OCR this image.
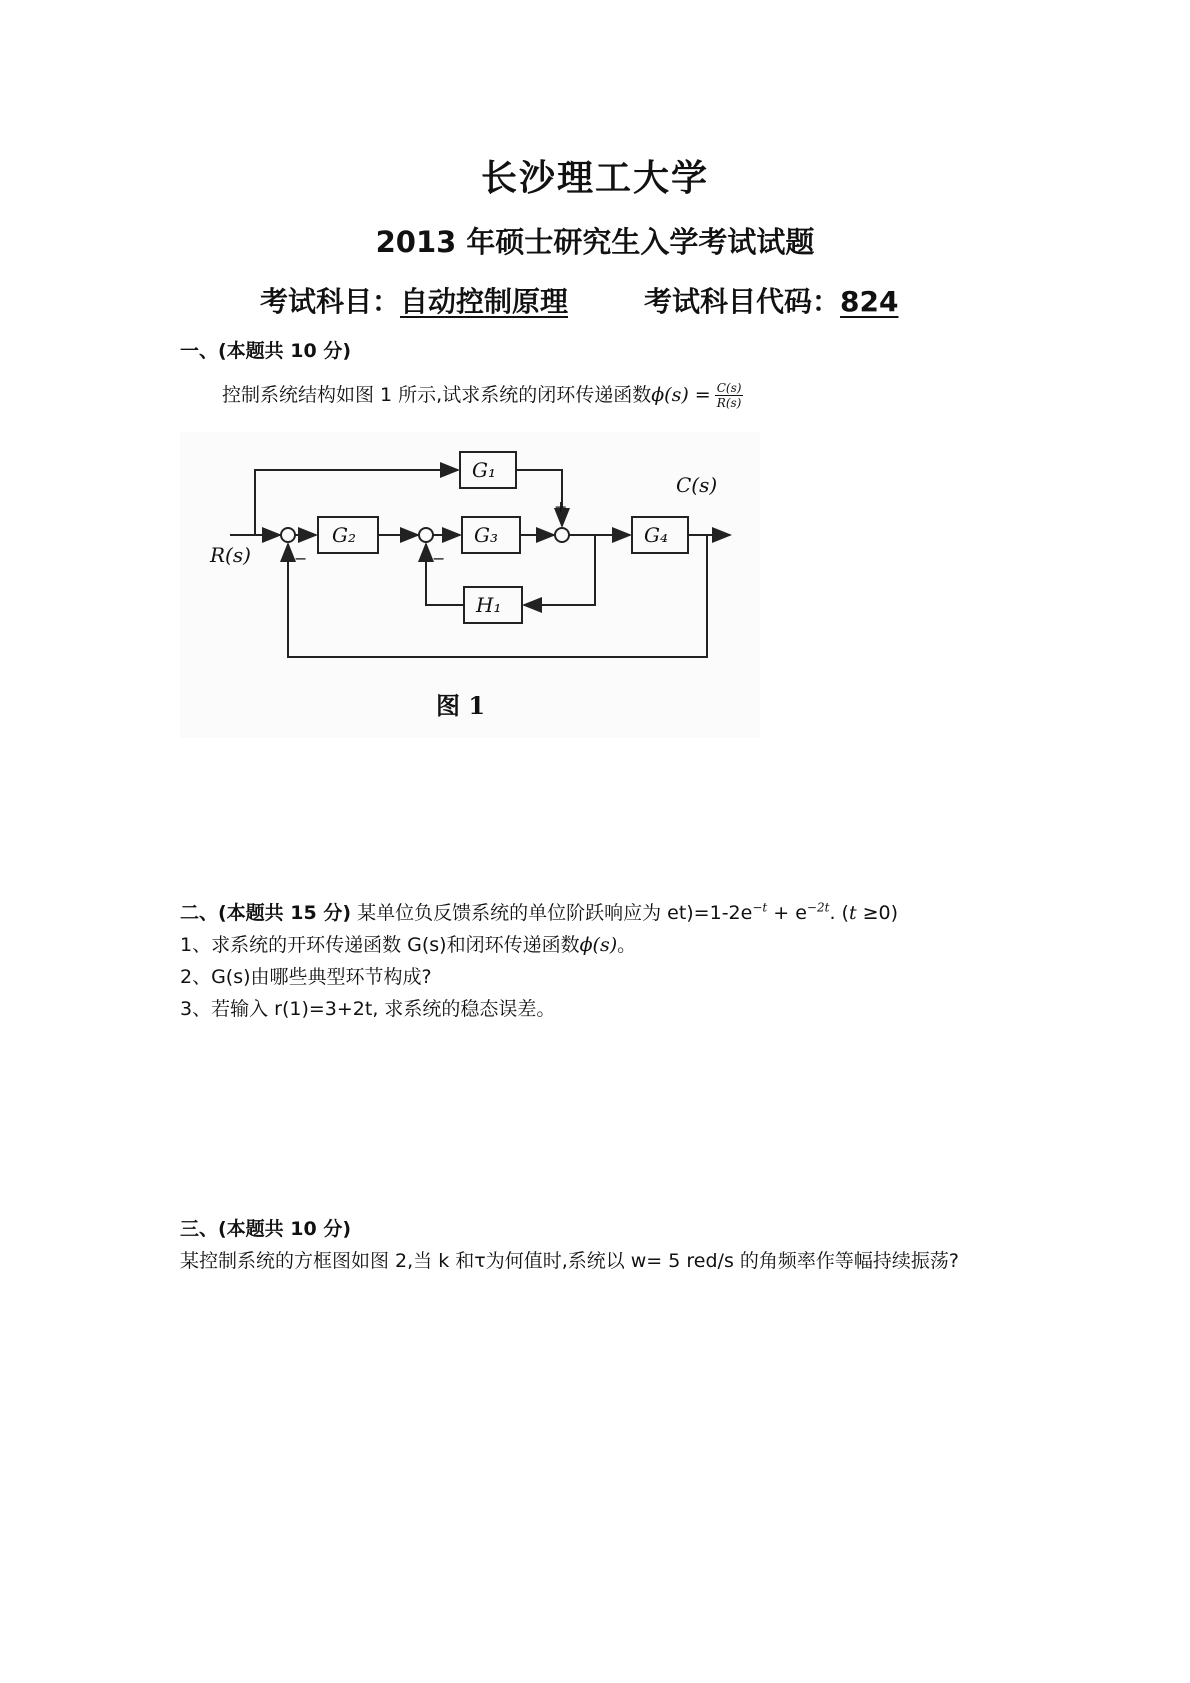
长沙理工大学
2013 年硕士研究生入学考试试题
考试科目：自动控制原理	考试科目代码：824
一、(本题共 10 分)
控制系统结构如图 1 所示,试求系统的闭环传递函数$\phi(s) = \frac{C(s)}{R(s)}$
G₁
G₂	G₃	G₄
H₁
R(s)
C(s)
+
−	−
图 1
二、(本题共 15 分) 某单位负反馈系统的单位阶跃响应为 $et)=1-2e^{-t} + e^{-2t}$. (t ≥0)
1、求系统的开环传递函数 G(s)和闭环传递函数ϕ(s)。
2、G(s)由哪些典型环节构成?
3、若输入 r(1)=3+2t, 求系统的稳态误差。
三、(本题共 10 分)
某控制系统的方框图如图 2,当 k 和τ为何值时,系统以 w= 5 red/s 的角频率作等幅持续振荡?
